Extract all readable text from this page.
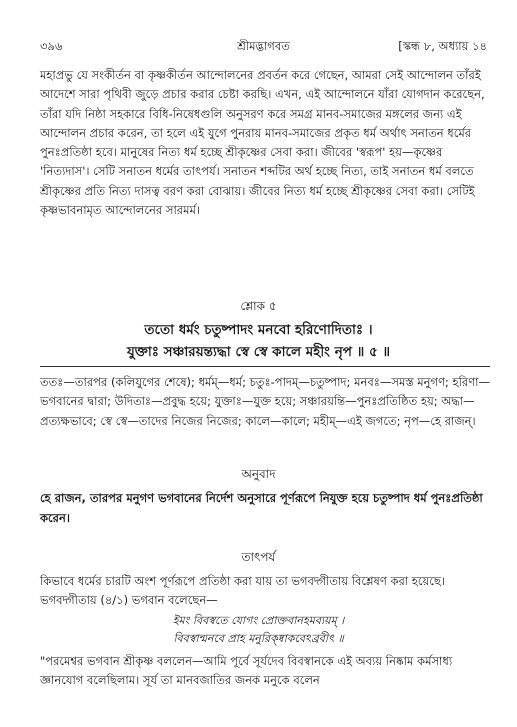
৩৯৬	শ্রীমদ্ভাগবত	[স্কন্ধ ৮, অধ্যায় ১৪
মহাপ্রভু যে সংকীর্তন বা কৃষ্ণকীর্তন আন্দোলনের প্রবর্তন করে গেছেন, আমরা সেই আন্দোলন তাঁরই আদেশে সারা পৃথিবী জুড়ে প্রচার করার চেষ্টা করছি। এখন, এই আন্দোলনে যাঁরা যোগদান করেছেন, তাঁরা যদি নিষ্ঠা সহকারে বিধি-নিষেধগুলি অনুসরণ করে সমগ্র মানব-সমাজের মঙ্গলের জন্য এই আন্দোলন প্রচার করেন, তা হলে এই যুগে পুনরায় মানব-সমাজের প্রকৃত ধর্ম অর্থাৎ সনাতন ধর্মের পুনঃপ্রতিষ্ঠা হবে। মানুষের নিত্য ধর্ম হচ্ছে শ্রীকৃষ্ণের সেবা করা। জীবের 'স্বরূপ' হয়—কৃষ্ণের 'নিত্যদাস'। সেটি সনাতন ধর্মের তাৎপর্য। সনাতন শব্দটির অর্থ হচ্ছে নিত্য, তাই সনাতন ধর্ম বলতে শ্রীকৃষ্ণের প্রতি নিত্য দাসত্ব বরণ করা বোঝায়। জীবের নিত্য ধর্ম হচ্ছে শ্রীকৃষ্ণের সেবা করা। সেটিই কৃষ্ণভাবনামৃত আন্দোলনের সারমর্ম।
শ্লোক ৫
ততো ধর্মং চতুষ্পাদং মনবো হরিণোদিতাঃ ।
যুক্তাঃ সঞ্চারয়ন্ত্যদ্ধা স্বে স্বে কালে মহীং নৃপ ॥ ৫ ॥
ততঃ—তারপর (কলিযুগের শেষে); ধর্মম্—ধর্ম; চতুঃ-পাদম্—চতুষ্পাদ; মনবঃ—সমস্ত মনুগণ; হরিণা—ভগবানের দ্বারা; উদিতাঃ—প্রবুদ্ধ হয়ে; যুক্তাঃ—যুক্ত হয়ে; সঞ্চারয়ন্তি—পুনঃপ্রতিষ্ঠিত হয়; অদ্ধা—প্রত্যক্ষভাবে; স্বে স্বে—তাদের নিজের নিজের; কালে—কালে; মহীম্—এই জগতে; নৃপ—হে রাজন্।
অনুবাদ
হে রাজন, তারপর মনুগণ ভগবানের নির্দেশ অনুসারে পূর্ণরূপে নিযুক্ত হয়ে চতুষ্পাদ ধর্ম পুনঃপ্রতিষ্ঠা করেন।
তাৎপর্য
কিভাবে ধর্মের চারটি অংশ পূর্ণরূপে প্রতিষ্ঠা করা যায় তা ভগবদ্গীতায় বিশ্লেষণ করা হয়েছে। ভগবদ্গীতায় (৪/১) ভগবান বলেছেন—
ইমং বিবস্বতে যোগং প্রোক্তবানহমব্যয়ম্ ।
বিবস্বান্মনবে প্রাহ মনুরিক্ষ্বাকবেঽব্রবীৎ ॥
"পরমেশ্বর ভগবান শ্রীকৃষ্ণ বললেন—আমি পূর্বে সূর্যদেব বিবস্বানকে এই অব্যয় নিষ্কাম কর্মসাধ্য জ্ঞানযোগ বলেছিলাম। সূর্য তা মানবজাতির জনক মনুকে বলেন
